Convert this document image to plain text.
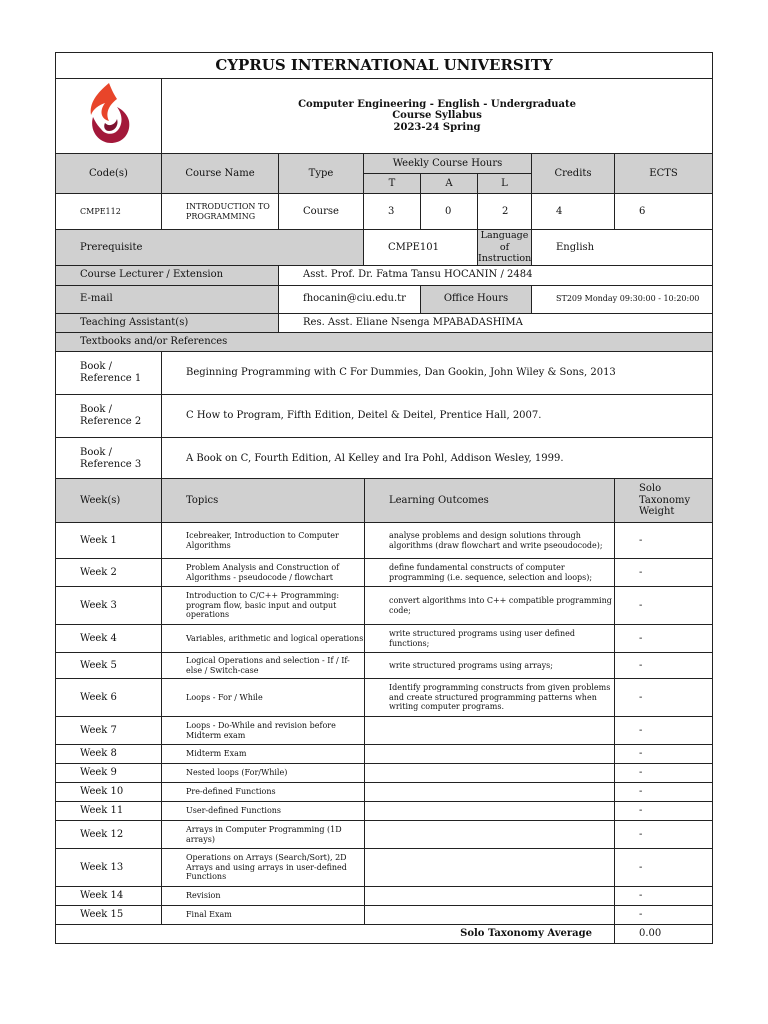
CYPRUS INTERNATIONAL UNIVERSITY							

Computer Engineering - English - Undergraduate
Course Syllabus
2023-24 Spring						

Code(s)	Course Name	Type	Weekly Course Hours			Credits	ECTS
			T	A	L		
CMPE112	INTRODUCTION TO PROGRAMMING	Course	3	0	2	4	6
Prerequisite			CMPE101		Language of Instruction	English	
Course Lecturer / Extension		Asst. Prof. Dr. Fatma Tansu HOCANIN / 2484					
E-mail		fhocanin@ciu.edu.tr		Office Hours		ST209 Monday 09:30:00 - 10:20:00	
Teaching Assistant(s)		Res. Asst. Eliane Nsenga MPABADASHIMA					
Textbooks and/or References							
Book / Reference 1	Beginning Programming with C For Dummies, Dan Gookin, John Wiley & Sons, 2013						
Book / Reference 2	C How to Program, Fifth Edition, Deitel & Deitel, Prentice Hall, 2007.						
Book / Reference 3	A Book on C, Fourth Edition, Al Kelley and Ira Pohl, Addison Wesley, 1999.						
Week(s)	Topics	Learning Outcomes	Solo Taxonomy Weight
Week 1	Icebreaker, Introduction to Computer Algorithms	analyse problems and design solutions through algorithms (draw flowchart and write pseoudocode);	-
Week 2	Problem Analysis and Construction of Algorithms - pseudocode / flowchart	define fundamental constructs of computer programming (i.e. sequence, selection and loops);	-
Week 3	Introduction to C/C++ Programming: program flow, basic input and output operations	convert algorithms into C++ compatible programming code;	-
Week 4	Variables, arithmetic and logical operations	write structured programs using user defined functions;	-
Week 5	Logical Operations and selection - If / If-else / Switch-case	write structured programs using arrays;	-
Week 6	Loops - For / While	Identify programming constructs from given problems and create structured programming patterns when writing computer programs.	-
Week 7	Loops - Do-While and revision before Midterm exam		-
Week 8	Midterm Exam		-
Week 9	Nested loops (For/While)		-
Week 10	Pre-defined Functions		-
Week 11	User-defined Functions		-
Week 12	Arrays in Computer Programming (1D arrays)		-
Week 13	Operations on Arrays (Search/Sort), 2D Arrays and using arrays in user-defined Functions		-
Week 14	Revision		-
Week 15	Final Exam		-
Solo Taxonomy Average			0.00
